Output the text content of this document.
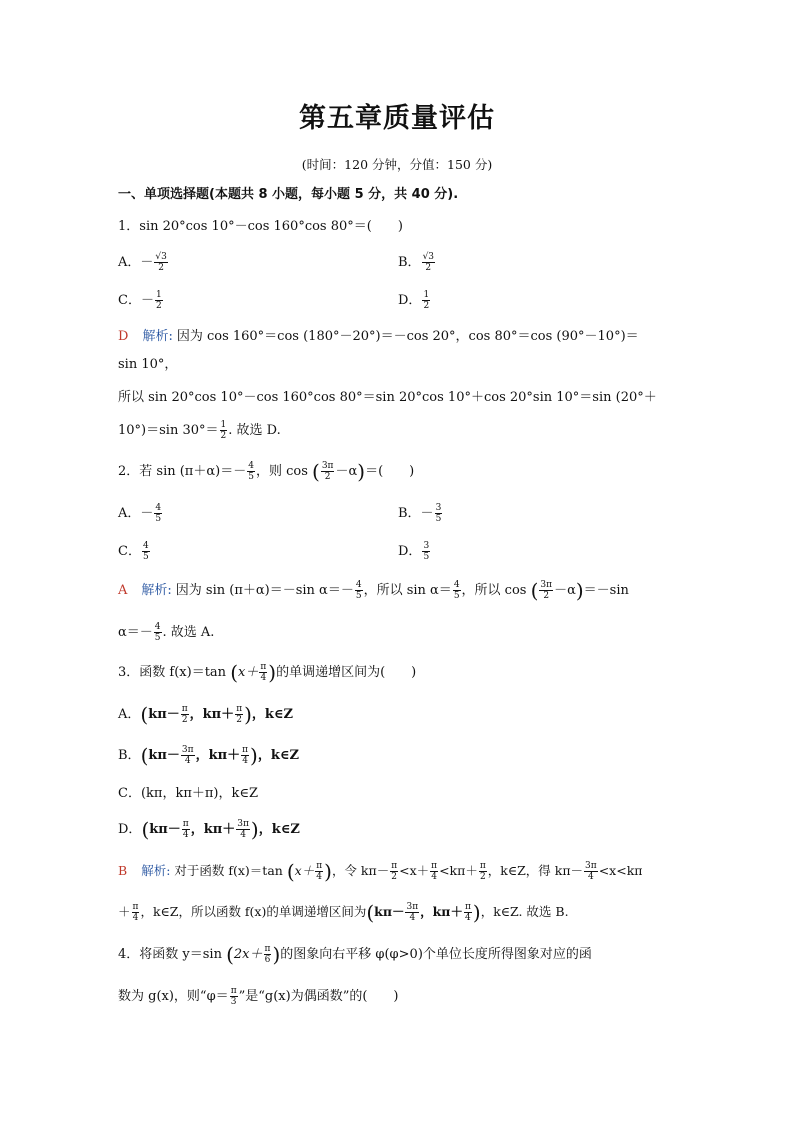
第五章质量评估
(时间：120 分钟，分值：150 分)
一、单项选择题(本题共 8 小题，每小题 5 分，共 40 分).
1．sin 20°cos 10°－cos 160°cos 80°＝(　　)
A．－ $\frac{√3}{2}$	B． $\frac{√3}{2}$
C．－ $\frac{1}{2}$	D． $\frac{1}{2}$
D 解析: 因为 cos 160°＝cos (180°－20°)＝－cos 20°，cos 80°＝cos (90°－10°)＝
sin 10°，
所以 sin 20°cos 10°－cos 160°cos 80°＝sin 20°cos 10°＋cos 20°sin 10°＝sin (20°＋
10°)＝sin $30^\circ= \frac{1}{2}$ . 故选 D.
2．若 $\sin (\pi+\alpha)=- \frac{4}{5}$ ，则 cos ( $\frac{3\pi}{2} -\alpha)=$(　　)
A．－ $\frac{4}{5}$	B．－ $\frac{3}{5}$
C． $\frac{4}{5}$	D． $\frac{3}{5}$
A 解析: 因为 sin (π＋α)＝－sin $\alpha=- \frac{4}{5}$ ，所以 $\sin \alpha= \frac{4}{5}$ ，所以 cos ( $\frac{3\pi}{2} -\alpha)=-\sin$
$\alpha=- \frac{4}{5}$ . 故选 A.
3．函数 f(x)＝tan ($x+ \frac{\pi}{4}$ )的单调递增区间为(　　)
A．($k\pi- \frac{\pi}{2}$ ，$k\pi+ \frac{\pi}{2}$ )，k∈Z
B．($k\pi- \frac{3\pi}{4}$ ，$k\pi+ \frac{\pi}{4}$ )，k∈Z
C．(kπ，kπ＋π)，k∈Z
D．($k\pi- \frac{\pi}{4}$ ，$k\pi+ \frac{3\pi}{4}$ )，k∈Z
B 解析: 对于函数 f(x)＝tan ($x+ \frac{\pi}{4}$ )，令 $k\pi- \frac{\pi}{2} <x+ \frac{\pi}{4} <k\pi+ \frac{\pi}{2}$ ，k∈Z，得 $k\pi- \frac{3\pi}{4} <x<k\pi$
＋ $\frac{\pi}{4}$ ，k∈Z，所以函数 f(x)的单调递增区间为($k\pi- \frac{3\pi}{4}$ ，$k\pi+ \frac{\pi}{4}$ )，k∈Z. 故选 B.
4．将函数 y＝sin ($2x+ \frac{\pi}{6}$ )的图象向右平移 φ(φ>0)个单位长度所得图象对应的函
数为 g(x)，则“$\varphi= \frac{\pi}{3}$ ”是“g(x)为偶函数”的(　　)
